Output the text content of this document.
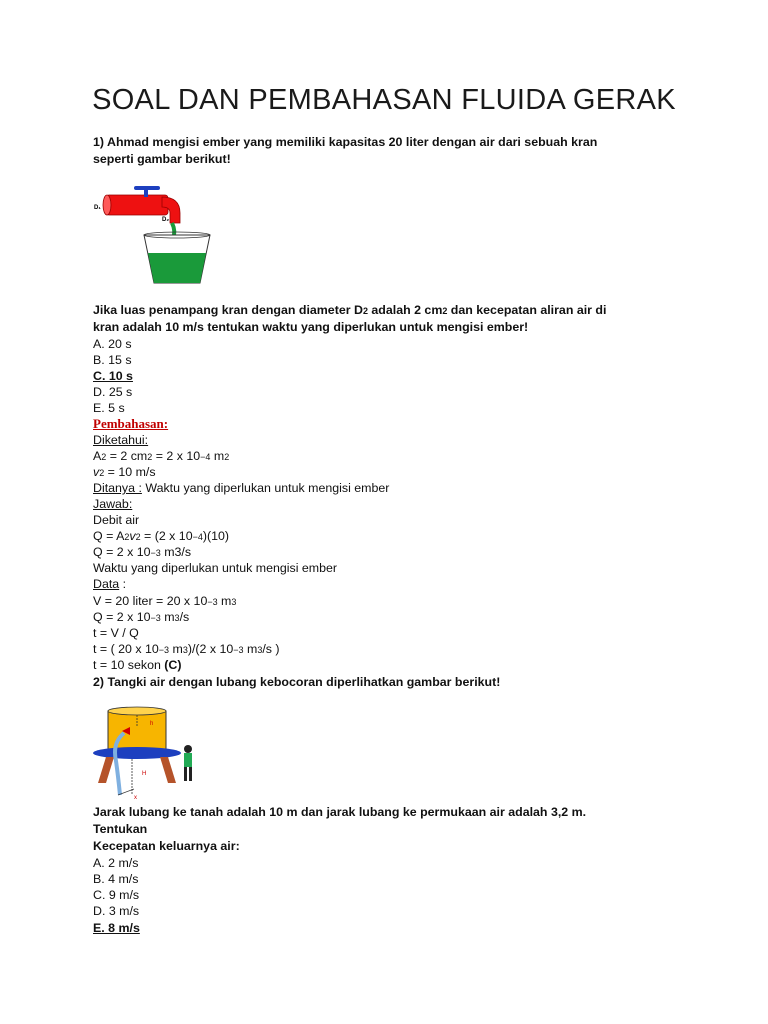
SOAL DAN PEMBAHASAN FLUIDA GERAK
1) Ahmad mengisi ember yang memiliki kapasitas 20 liter dengan air dari sebuah kran
seperti gambar berikut!
D₁
D₂
Jika luas penampang kran dengan diameter D2 adalah 2 cm2 dan kecepatan aliran air di
kran adalah 10 m/s tentukan waktu yang diperlukan untuk mengisi ember!
A. 20 s
B. 15 s
C. 10 s
D. 25 s
E. 5 s
Pembahasan:
Diketahui:
A2 = 2 cm2 = 2 x 10−4 m2
v2 = 10 m/s
Ditanya : Waktu yang diperlukan untuk mengisi ember
Jawab:
Debit air
Q = A2v2 = (2 x 10−4)(10)
Q = 2 x 10−3 m3/s
Waktu yang diperlukan untuk mengisi ember
Data :
V = 20 liter = 20 x 10−3 m3
Q = 2 x 10−3 m3/s
t = V / Q
t = ( 20 x 10−3 m3)/(2 x 10−3 m3/s )
t = 10 sekon (C)
2) Tangki air dengan lubang kebocoran diperlihatkan gambar berikut!
h
H
x
Jarak lubang ke tanah adalah 10 m dan jarak lubang ke permukaan air adalah 3,2 m.
Tentukan
Kecepatan keluarnya air:
A. 2 m/s
B. 4 m/s
C. 9 m/s
D. 3 m/s
E. 8 m/s
